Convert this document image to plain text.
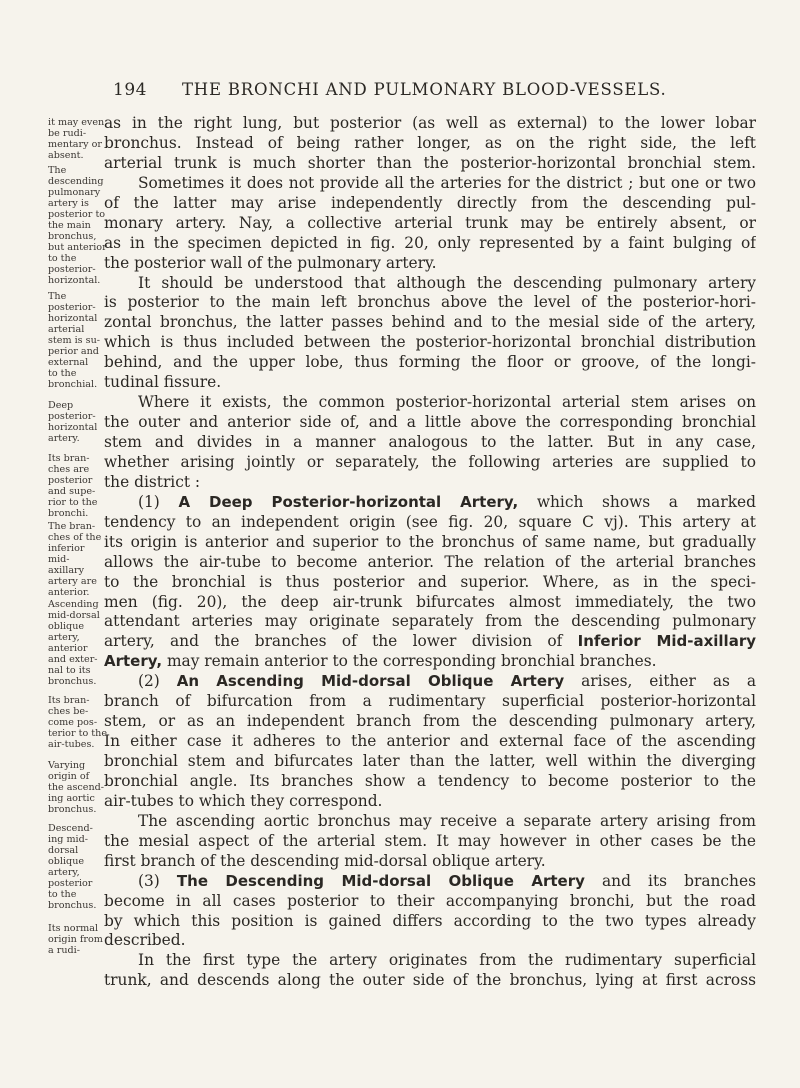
194 THE BRONCHI AND PULMONARY BLOOD-VESSELS.
it may even
be rudi-
mentary or
absent.
The
descending
pulmonary
artery is
posterior to
the main
bronchus,
but anterior
to the
posterior-
horizontal.
The
posterior-
horizontal
arterial
stem is su-
perior and
external
to the
bronchial.
Deep
posterior-
horizontal
artery.
Its bran-
ches are
posterior
and supe-
rior to the
bronchi.
The bran-
ches of the
inferior
mid-
axillary
artery are
anterior.
Ascending
mid-dorsal
oblique
artery,
anterior
and exter-
nal to its
bronchus.
Its bran-
ches be-
come pos-
terior to the
air-tubes.
Varying
origin of
the ascend-
ing aortic
bronchus.
Descend-
ing mid-
dorsal
oblique
artery,
posterior
to the
bronchus.
Its normal
origin from
a rudi-
as in the right lung, but posterior (as well as external) to the lower lobar
bronchus. Instead of being rather longer, as on the right side, the left
arterial trunk is much shorter than the posterior-horizontal bronchial stem.
Sometimes it does not provide all the arteries for the district ; but one or two
of the latter may arise independently directly from the descending pul-
monary artery. Nay, a collective arterial trunk may be entirely absent, or
as in the specimen depicted in fig. 20, only represented by a faint bulging of
the posterior wall of the pulmonary artery.
It should be understood that although the descending pulmonary artery
is posterior to the main left bronchus above the level of the posterior-hori-
zontal bronchus, the latter passes behind and to the mesial side of the artery,
which is thus included between the posterior-horizontal bronchial distribution
behind, and the upper lobe, thus forming the floor or groove, of the longi-
tudinal fissure.
Where it exists, the common posterior-horizontal arterial stem arises on
the outer and anterior side of, and a little above the corresponding bronchial
stem and divides in a manner analogous to the latter. But in any case,
whether arising jointly or separately, the following arteries are supplied to
the district :
(1) A Deep Posterior-horizontal Artery, which shows a marked
tendency to an independent origin (see fig. 20, square C vj). This artery at
its origin is anterior and superior to the bronchus of same name, but gradually
allows the air-tube to become anterior. The relation of the arterial branches
to the bronchial is thus posterior and superior. Where, as in the speci-
men (fig. 20), the deep air-trunk bifurcates almost immediately, the two
attendant arteries may originate separately from the descending pulmonary
artery, and the branches of the lower division of Inferior Mid-axillary
Artery, may remain anterior to the corresponding bronchial branches.
(2) An Ascending Mid-dorsal Oblique Artery arises, either as a
branch of bifurcation from a rudimentary superficial posterior-horizontal
stem, or as an independent branch from the descending pulmonary artery,
In either case it adheres to the anterior and external face of the ascending
bronchial stem and bifurcates later than the latter, well within the diverging
bronchial angle. Its branches show a tendency to become posterior to the
air-tubes to which they correspond.
The ascending aortic bronchus may receive a separate artery arising from
the mesial aspect of the arterial stem. It may however in other cases be the
first branch of the descending mid-dorsal oblique artery.
(3) The Descending Mid-dorsal Oblique Artery and its branches
become in all cases posterior to their accompanying bronchi, but the road
by which this position is gained differs according to the two types already
described.
In the first type the artery originates from the rudimentary superficial
trunk, and descends along the outer side of the bronchus, lying at first across
